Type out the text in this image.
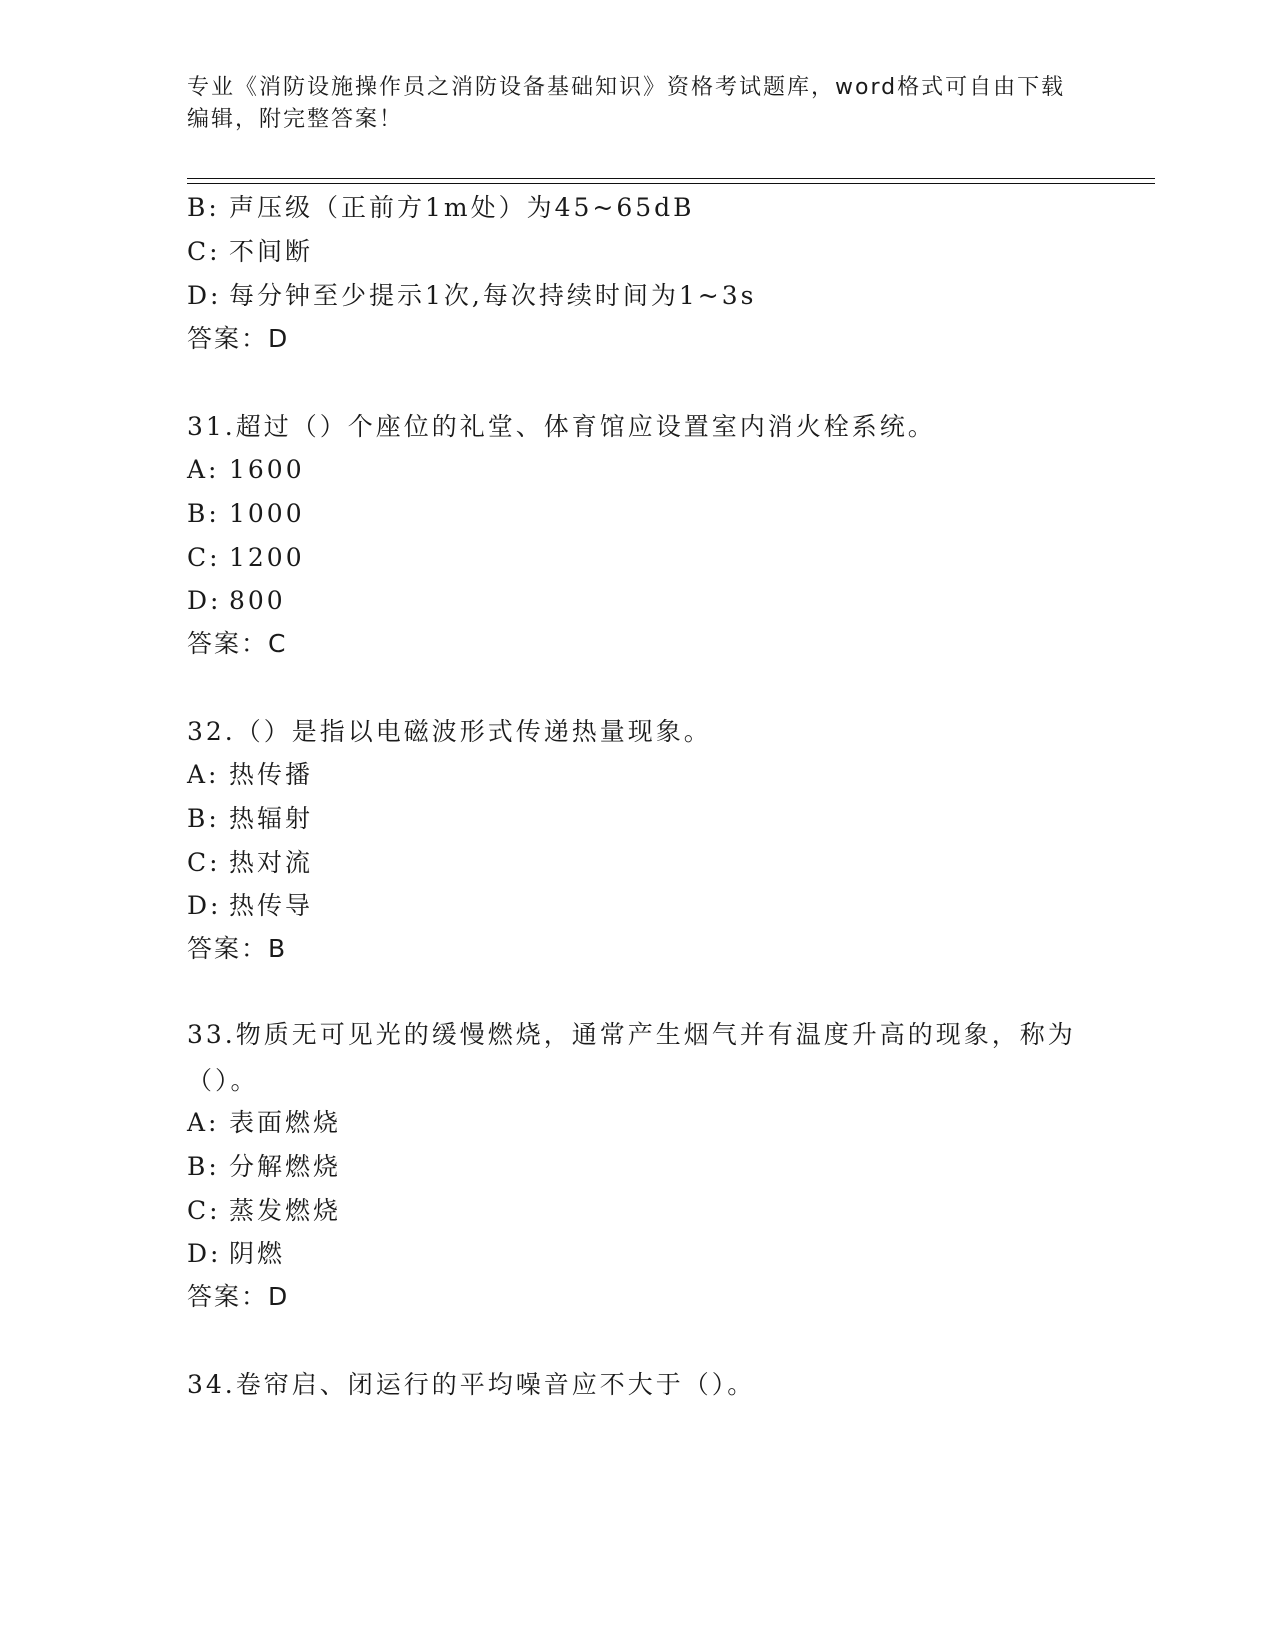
专业《消防设施操作员之消防设备基础知识》资格考试题库，word格式可自由下载编辑，附完整答案！
B: 声压级（正前方1m处）为45~65dB
C: 不间断
D: 每分钟至少提示1次,每次持续时间为1~3s
答案：D
31.超过（）个座位的礼堂、体育馆应设置室内消火栓系统。
A: 1600
B: 1000
C: 1200
D: 800
答案：C
32.（）是指以电磁波形式传递热量现象。
A: 热传播
B: 热辐射
C: 热对流
D: 热传导
答案：B
33.物质无可见光的缓慢燃烧，通常产生烟气并有温度升高的现象，称为（）。
A: 表面燃烧
B: 分解燃烧
C: 蒸发燃烧
D: 阴燃
答案：D
34.卷帘启、闭运行的平均噪音应不大于（）。
